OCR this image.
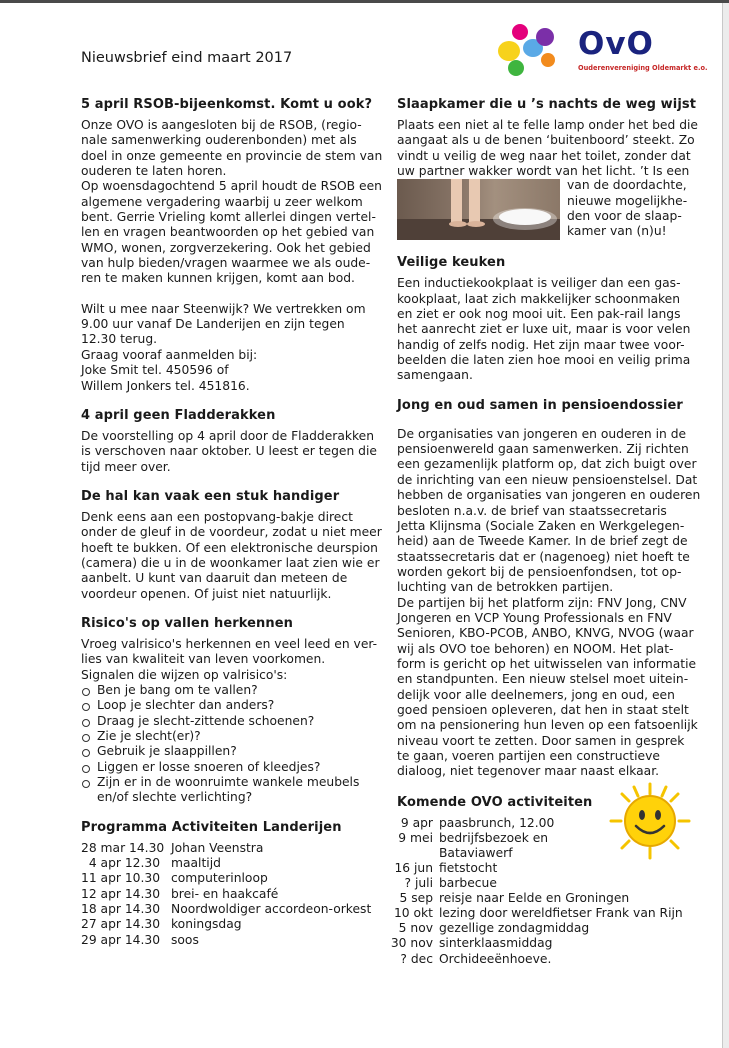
Nieuwsbrief eind maart 2017	OvO
Ouderenvereniging Oldemarkt e.o.
5 april RSOB-bijeenkomst. Komt u ook?
Onze OVO is aangesloten bij de RSOB, (regio-
nale samenwerking ouderenbonden) met als
doel in onze gemeente en provincie de stem van
ouderen te laten horen.
Op woensdagochtend 5 april houdt de RSOB een
algemene vergadering waarbij u zeer welkom
bent. Gerrie Vrieling komt allerlei dingen vertel-
len en vragen beantwoorden op het gebied van
WMO, wonen, zorgverzekering. Ook het gebied
van hulp bieden/vragen waarmee we als oude-
ren te maken kunnen krijgen, komt aan bod.
Wilt u mee naar Steenwijk? We vertrekken om
9.00 uur vanaf De Landerijen en zijn tegen
12.30 terug.
Graag vooraf aanmelden bij:
Joke Smit tel. 450596 of
Willem Jonkers tel. 451816.
4 april geen Fladderakken
De voorstelling op 4 april door de Fladderakken
is verschoven naar oktober. U leest er tegen die
tijd meer over.
De hal kan vaak een stuk handiger
Denk eens aan een postopvang-bakje direct
onder de gleuf in de voordeur, zodat u niet meer
hoeft te bukken. Of een elektronische deurspion
(camera) die u in de woonkamer laat zien wie er
aanbelt. U kunt van daaruit dan meteen de
voordeur openen. Of juist niet natuurlijk.
Risico's op vallen herkennen
Vroeg valrisico's herkennen en veel leed en ver-
lies van kwaliteit van leven voorkomen.
Signalen die wijzen op valrisico's:
Ben je bang om te vallen?
Loop je slechter dan anders?
Draag je slecht-zittende schoenen?
Zie je slecht(er)?
Gebruik je slaappillen?
Liggen er losse snoeren of kleedjes?
Zijn er in de woonruimte wankele meubels
en/of slechte verlichting?
Programma Activiteiten Landerijen
28 mar 14.30 Johan Veenstra
4 apr 12.30 maaltijd
11 apr 10.30 computerinloop
12 apr 14.30 brei- en haakcafé
18 apr 14.30 Noordwoldiger accordeon-orkest
27 apr 14.30 koningsdag
29 apr 14.30 soos
Slaapkamer die u ’s nachts de weg wijst
Plaats een niet al te felle lamp onder het bed die
aangaat als u de benen ‘buitenboord’ steekt. Zo
vindt u veilig de weg naar het toilet, zonder dat
uw partner wakker wordt van het licht. ’t Is een
van de doordachte,
nieuwe mogelijkhe-
den voor de slaap-
kamer van (n)u!
Veilige keuken
Een inductiekookplaat is veiliger dan een gas-
kookplaat, laat zich makkelijker schoonmaken
en ziet er ook nog mooi uit. Een pak-rail langs
het aanrecht ziet er luxe uit, maar is voor velen
handig of zelfs nodig. Het zijn maar twee voor-
beelden die laten zien hoe mooi en veilig prima
samengaan.
Jong en oud samen in pensioendossier
De organisaties van jongeren en ouderen in de
pensioenwereld gaan samenwerken. Zij richten
een gezamenlijk platform op, dat zich buigt over
de inrichting van een nieuw pensioenstelsel. Dat
hebben de organisaties van jongeren en ouderen
besloten n.a.v. de brief van staatssecretaris
Jetta Klijnsma (Sociale Zaken en Werkgelegen-
heid) aan de Tweede Kamer. In de brief zegt de
staatssecretaris dat er (nagenoeg) niet hoeft te
worden gekort bij de pensioenfondsen, tot op-
luchting van de betrokken partijen.
De partijen bij het platform zijn: FNV Jong, CNV
Jongeren en VCP Young Professionals en FNV
Senioren, KBO-PCOB, ANBO, KNVG, NVOG (waar
wij als OVO toe behoren) en NOOM. Het plat-
form is gericht op het uitwisselen van informatie
en standpunten. Een nieuw stelsel moet uitein-
delijk voor alle deelnemers, jong en oud, een
goed pensioen opleveren, dat hen in staat stelt
om na pensionering hun leven op een fatsoenlijk
niveau voort te zetten. Door samen in gesprek
te gaan, voeren partijen een constructieve
dialoog, niet tegenover maar naast elkaar.
Komende OVO activiteiten
9 apr paasbrunch, 12.00
9 mei bedrijfsbezoek en
Bataviawerf
16 jun fietstocht
? juli barbecue
5 sep reisje naar Eelde en Groningen
10 okt lezing door wereldfietser Frank van Rijn
5 nov gezellige zondagmiddag
30 nov sinterklaasmiddag
? dec Orchideeënhoeve.
